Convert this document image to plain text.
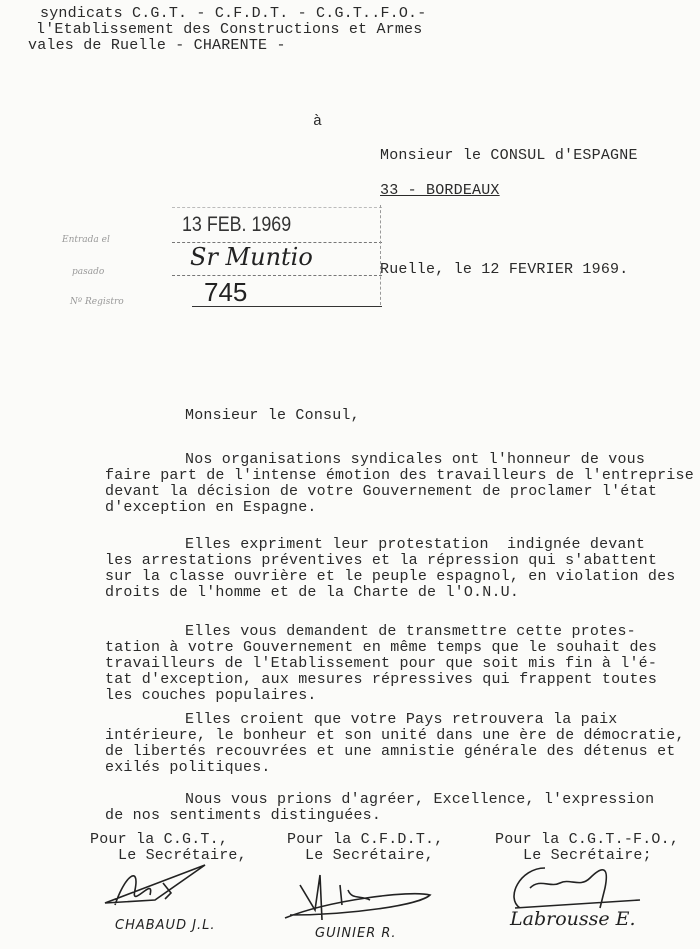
syndicats C.G.T. - C.F.D.T. - C.G.T..F.O.-
l'Etablissement des Constructions et Armes
vales de Ruelle - CHARENTE -
à
Monsieur le CONSUL d'ESPAGNE
33 - BORDEAUX
13 FEB. 1969
Sr Muntio
745
Entrada el
pasado
Nº Registro
Ruelle, le 12 FEVRIER 1969.
Monsieur le Consul,
Nos organisations syndicales ont l'honneur de vous
faire part de l'intense émotion des travailleurs de l'entreprise
devant la décision de votre Gouvernement de proclamer l'état
d'exception en Espagne.
Elles expriment leur protestation  indignée devant
les arrestations préventives et la répression qui s'abattent
sur la classe ouvrière et le peuple espagnol, en violation des
droits de l'homme et de la Charte de l'O.N.U.
Elles vous demandent de transmettre cette protes-
tation à votre Gouvernement en même temps que le souhait des
travailleurs de l'Etablissement pour que soit mis fin à l'é-
tat d'exception, aux mesures répressives qui frappent toutes
les couches populaires.
Elles croient que votre Pays retrouvera la paix
intérieure, le bonheur et son unité dans une ère de démocratie,
de libertés recouvrées et une amnistie générale des détenus et
exilés politiques.
Nous vous prions d'agréer, Excellence, l'expression
de nos sentiments distinguées.
Pour la C.G.T.,
Le Secrétaire,
CHABAUD J.L.
Pour la C.F.D.T.,
Le Secrétaire,
GUINIER R.
Pour la C.G.T.-F.O.,
Le Secrétaire;
Labrousse E.
